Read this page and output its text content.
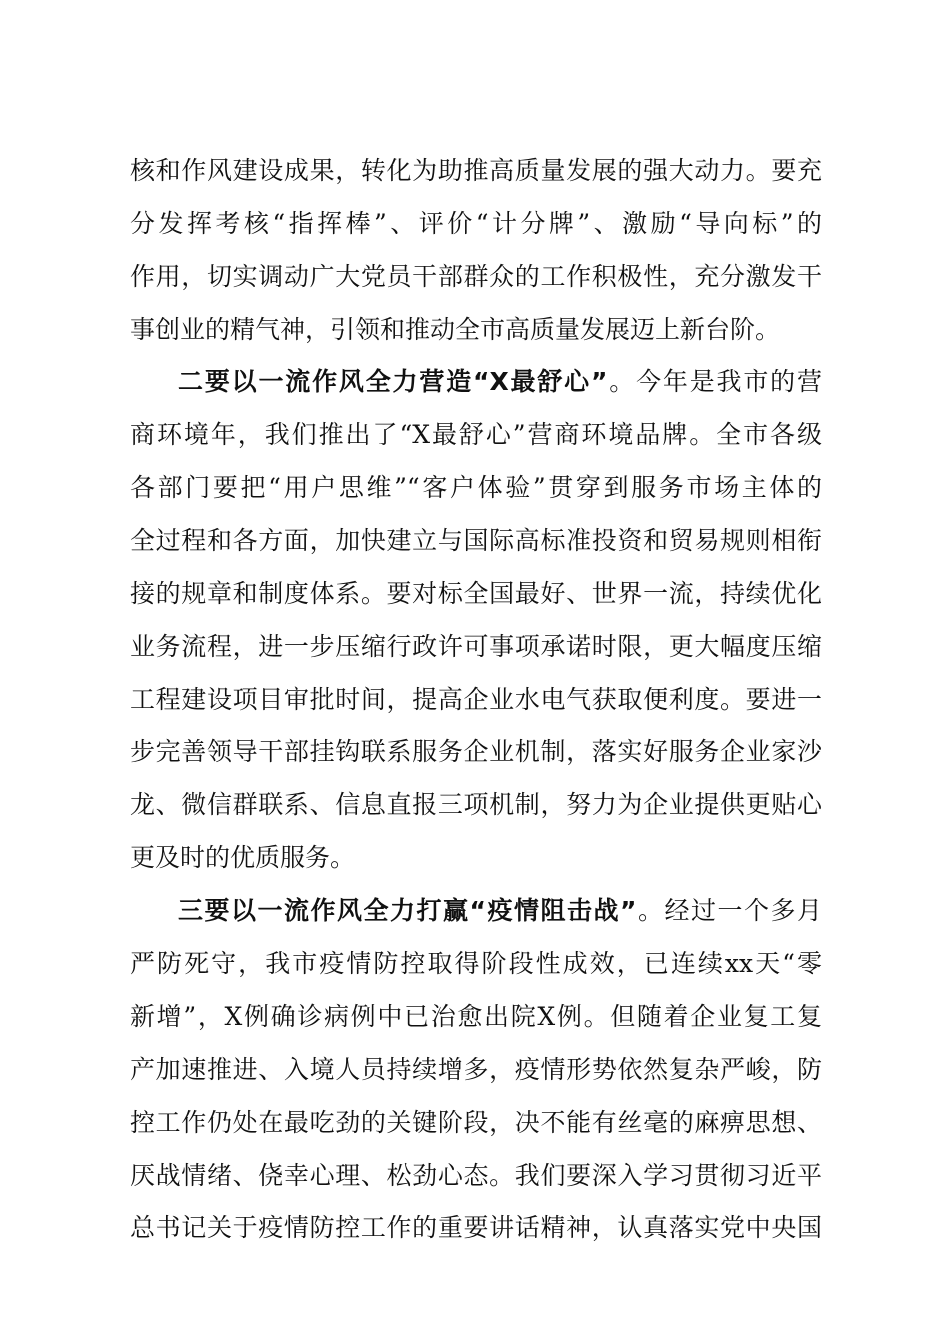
核和作风建设成果，转化为助推高质量发展的强大动力。要充
分发挥考核“指挥棒”、评价“计分牌”、激励“导向标”的
作用，切实调动广大党员干部群众的工作积极性，充分激发干
事创业的精气神，引领和推动全市高质量发展迈上新台阶。
二要以一流作风全力营造“X最舒心”。今年是我市的营
商环境年，我们推出了“X最舒心”营商环境品牌。全市各级
各部门要把“用户思维”“客户体验”贯穿到服务市场主体的
全过程和各方面，加快建立与国际高标准投资和贸易规则相衔
接的规章和制度体系。要对标全国最好、世界一流，持续优化
业务流程，进一步压缩行政许可事项承诺时限，更大幅度压缩
工程建设项目审批时间，提高企业水电气获取便利度。要进一
步完善领导干部挂钩联系服务企业机制，落实好服务企业家沙
龙、微信群联系、信息直报三项机制，努力为企业提供更贴心
更及时的优质服务。
三要以一流作风全力打赢“疫情阻击战”。经过一个多月
严防死守，我市疫情防控取得阶段性成效，已连续xx天“零
新增”，X例确诊病例中已治愈出院X例。但随着企业复工复
产加速推进、入境人员持续增多，疫情形势依然复杂严峻，防
控工作仍处在最吃劲的关键阶段，决不能有丝毫的麻痹思想、
厌战情绪、侥幸心理、松劲心态。我们要深入学习贯彻习近平
总书记关于疫情防控工作的重要讲话精神，认真落实党中央国
